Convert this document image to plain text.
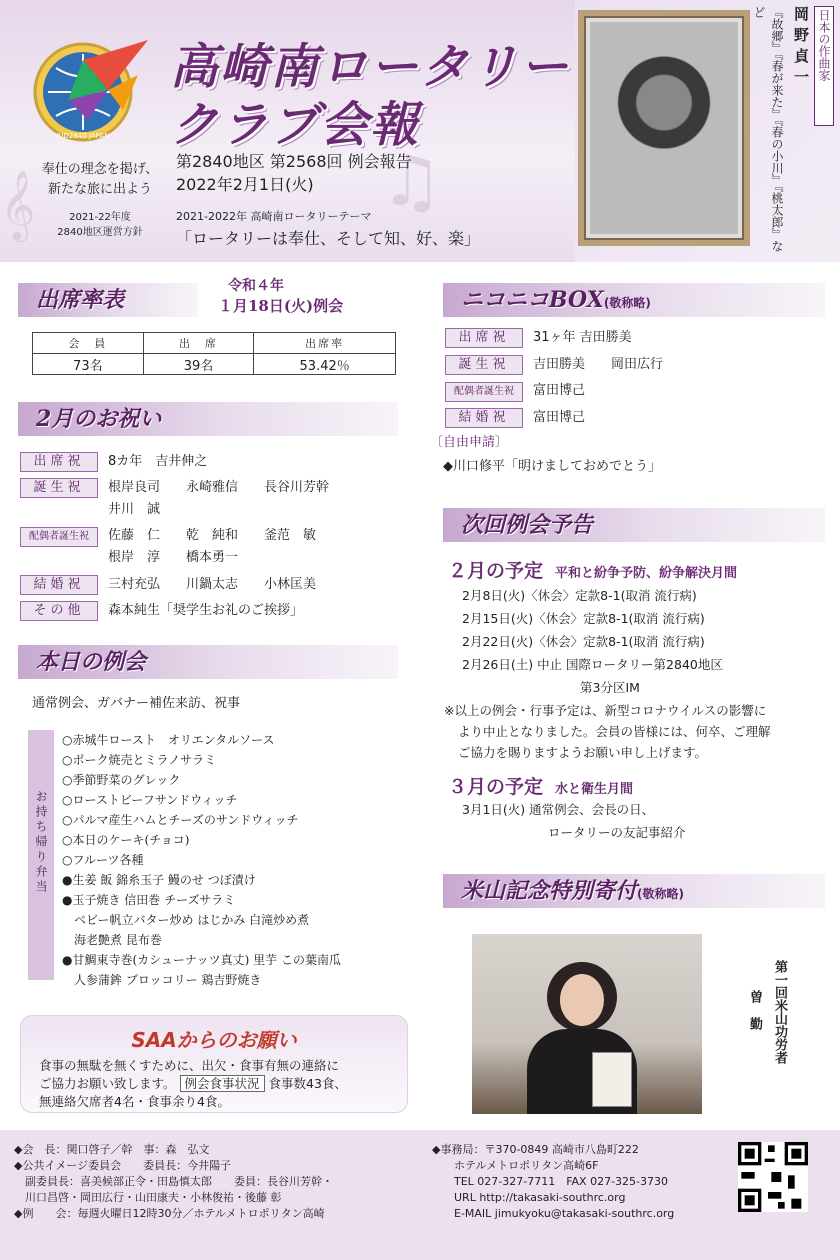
♫
𝄞
RID2840 JAPAN
高崎南ロータリー
クラブ会報
奉仕の理念を掲げ、
新たな旅に出よう
2021-22年度
2840地区運営方針
第2840地区 第2568回 例会報告
2022年2月1日(火)
2021-2022年 高崎南ロータリーテーマ
「ロータリーは奉仕、そして知、好、楽」
日本の作曲家
岡野貞一
『故郷』『春が来た』『春の小川』『桃太郎』など
出席率表
令和４年
１月18日(火)例会
会　員	出　席	出席率
73名	39名	53.42％
2月のお祝い
出席祝 8カ年　吉井伸之
誕生祝 根岸良司　　永崎雅信　　長谷川芳幹
井川　誠
配偶者誕生祝 佐藤　仁　　乾　純和　　釜范　敏
根岸　淳　　橋本勇一
結婚祝 三村充弘　　川鍋太志　　小林匡美
その他 森本純生「奨学生お礼のご挨拶」
本日の例会
通常例会、ガバナー補佐来訪、祝事
お持ち帰り弁当
○赤城牛ロースト　オリエンタルソース
○ポーク焼売とミラノサラミ
○季節野菜のグレック
○ローストビーフサンドウィッチ
○パルマ産生ハムとチーズのサンドウィッチ
○本日のケーキ(チョコ)
○フルーツ各種
●生姜 飯 錦糸玉子 鰻のせ つぼ漬け
●玉子焼き 信田巻 チーズサラミ
　ベビー帆立バター炒め はじかみ 白滝炒め煮
　海老艶煮 昆布巻
●甘鯛東寺巻(カシューナッツ真丈) 里芋 この葉南瓜
　人参蒲鉾 ブロッコリー 鶏吉野焼き
SAAからのお願い
食事の無駄を無くすために、出欠・食事有無の連絡に
ご協力お願い致します。 例会食事状況 食事数43食、
無連絡欠席者4名・食事余り4食。
ニコニコBOX(敬称略)
出席祝 31ヶ年 吉田勝美
誕生祝 吉田勝美　　岡田広行
配偶者誕生祝 富田博己
結婚祝 富田博己
〔自由申請〕
◆川口修平「明けましておめでとう」
次回例会予告
２月の予定 平和と紛争予防、紛争解決月間
2月8日(火)〈休会〉定款8-1(取消 流行病)
2月15日(火)〈休会〉定款8-1(取消 流行病)
2月22日(火)〈休会〉定款8-1(取消 流行病)
2月26日(土) 中止 国際ロータリー第2840地区
第3分区IM
※以上の例会・行事予定は、新型コロナウイルスの影響に
より中止となりました。会員の皆様には、何卒、ご理解
ご協力を賜りますようお願い申し上げます。
３月の予定 水と衛生月間
3月1日(火) 通常例会、会長の日、
ロータリーの友記事紹介
米山記念特別寄付(敬称略)
第一回米山功労者
曽勤
◆会　長：関口啓子／幹　事：森　弘文
◆公共イメージ委員会　　委員長：今井陽子
　副委員長：喜美候部正令・田島慎太郎　　委員：長谷川芳幹・
　川口昌啓・岡田広行・山田康夫・小林俊祐・後藤 彰
◆例　　会：毎週火曜日12時30分／ホテルメトロポリタン高崎
◆事務局：〒370-0849 高崎市八島町222
ホテルメトロポリタン高崎6F
TEL 027-327-7711　FAX 027-325-3730
URL http://takasaki-southrc.org
E-MAIL jimukyoku@takasaki-southrc.org
